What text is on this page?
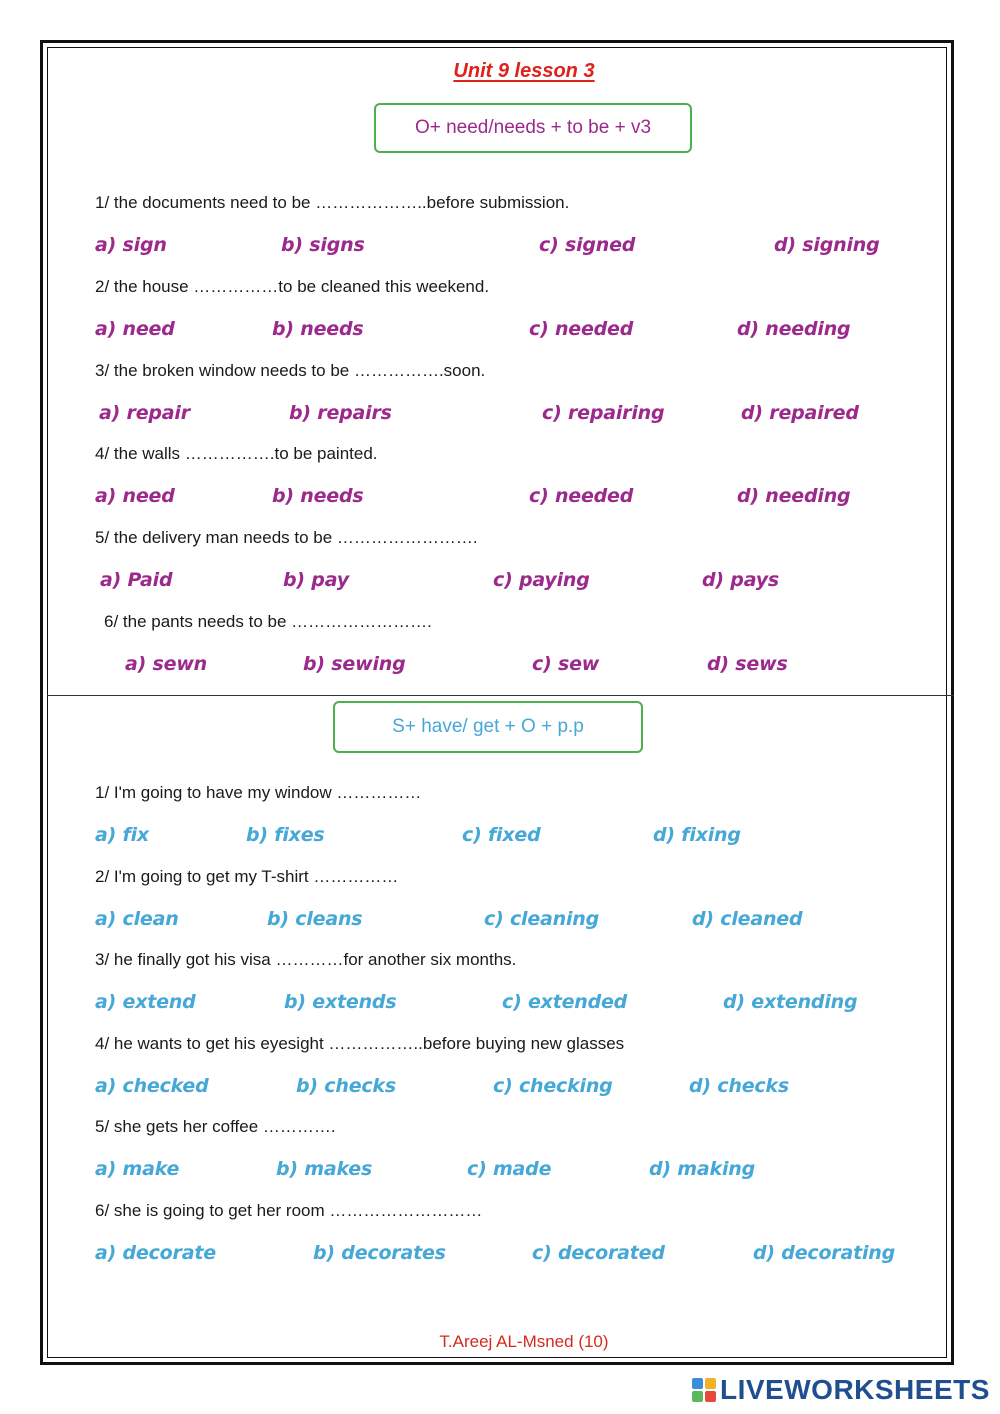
Unit 9 lesson 3
O+ need/needs + to be + v3
1/ the documents need to be ………………..before submission.
a) sign	b) signs	c) signed	d) signing
2/ the house ……………to be cleaned this weekend.
a) need	b) needs	c) needed	d) needing
3/ the broken window needs to be …………….soon.
a) repair	b) repairs	c) repairing	d) repaired
4/ the walls …………….to be painted.
a) need	b) needs	c) needed	d) needing
5/ the delivery man needs to be …………………….
a) Paid	b) pay	c) paying	d) pays
6/ the pants needs to be …………………….
a) sewn	b) sewing	c) sew	d) sews
S+ have/ get + O + p.p
1/ I'm going to have my window ……………
a) fix	b) fixes	c) fixed	d) fixing
2/ I'm going to get my T-shirt ……………
a) clean	b) cleans	c) cleaning	d) cleaned
3/ he finally got his visa …………for another six months.
a) extend	b) extends	c) extended	d) extending
4/ he wants to get his eyesight ……………..before buying new glasses
a) checked	b) checks	c) checking	d) checks
5/ she gets her coffee ………….
a) make	b) makes	c) made	d) making
6/ she is going to get her room ………………………
a) decorate	b) decorates	c) decorated	d) decorating
T.Areej AL-Msned (10)
LIVEWORKSHEETS
